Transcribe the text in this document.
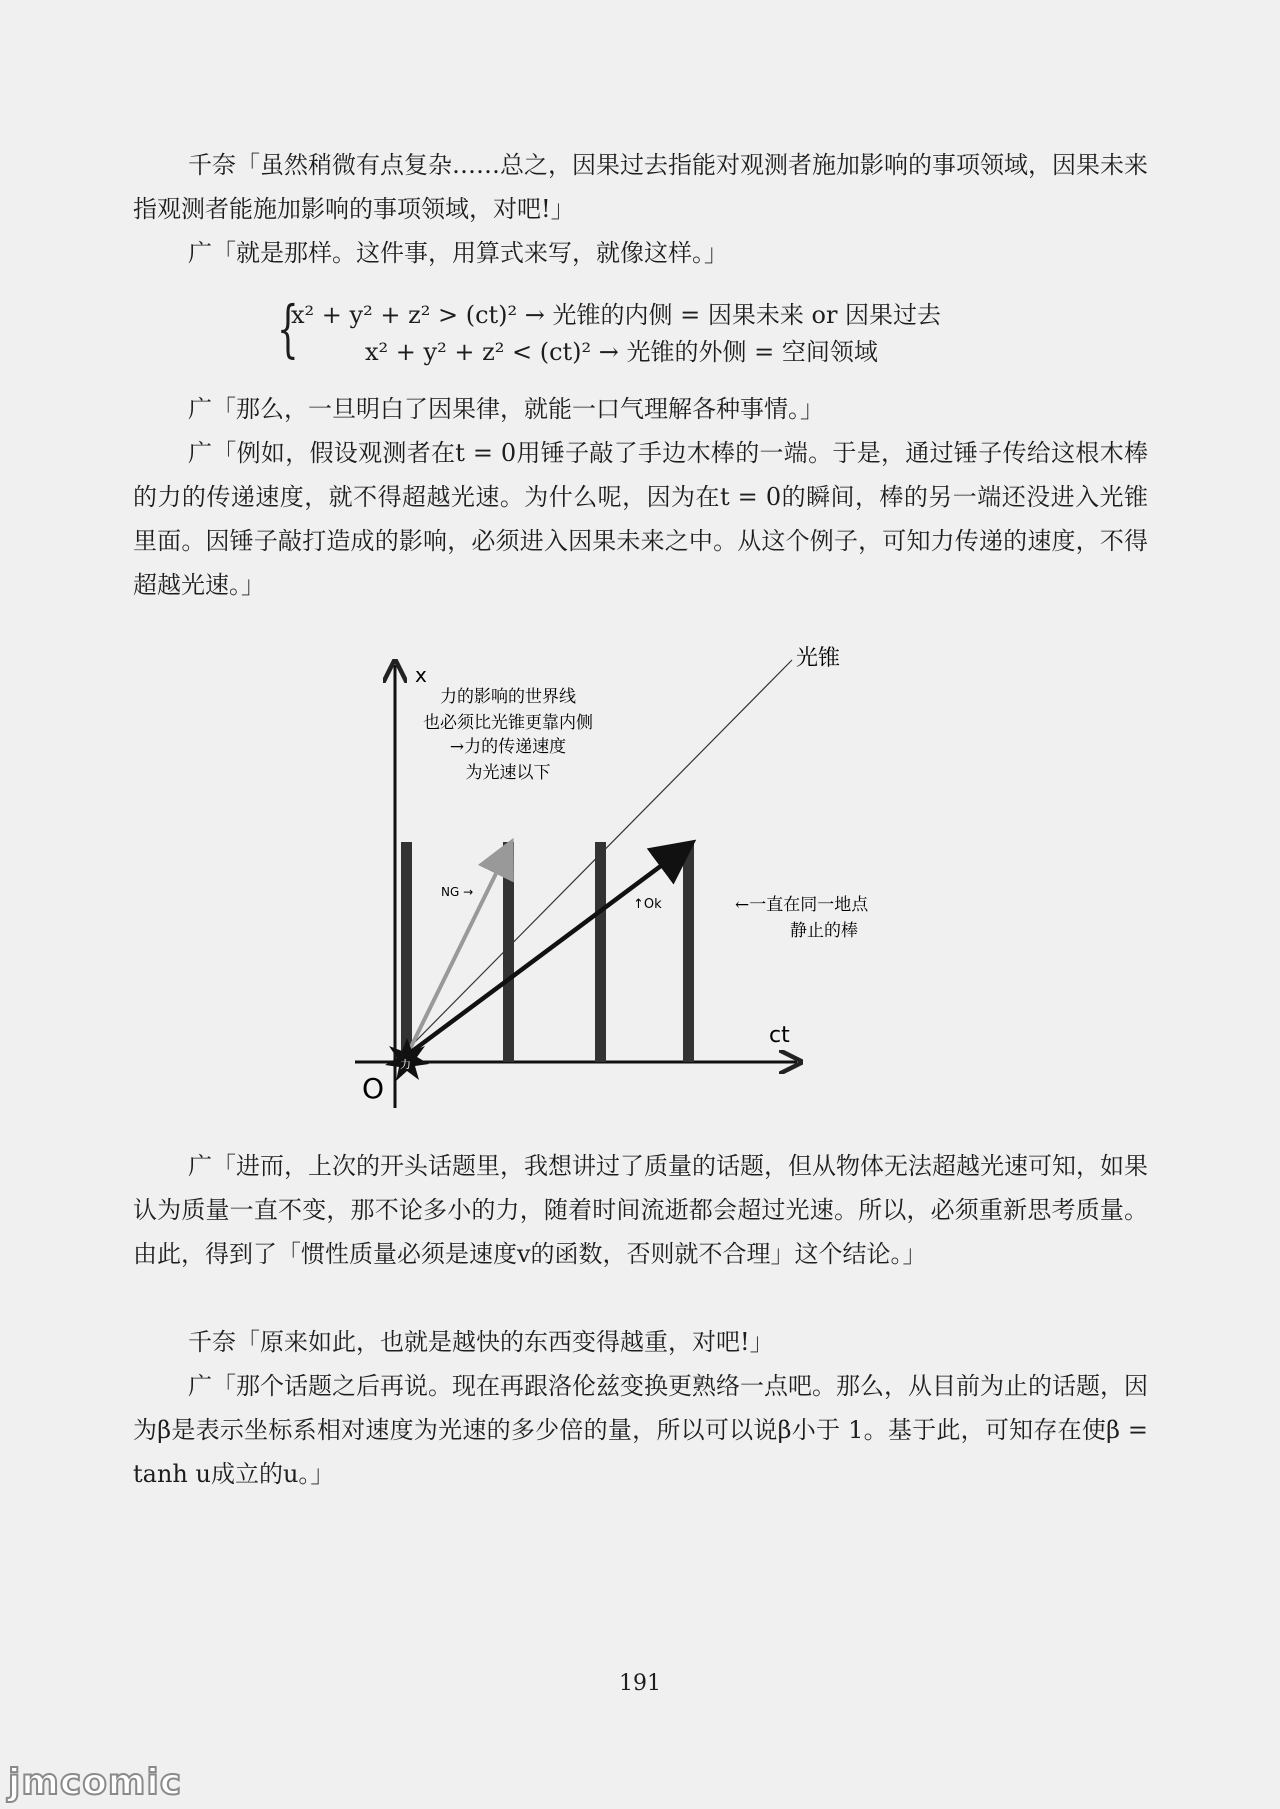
千奈「虽然稍微有点复杂……总之，因果过去指能对观测者施加影响的事项领域，因果未来指观测者能施加影响的事项领域，对吧!」

广「就是那样。这件事，用算式来写，就像这样。」

{
x² + y² + z² > (ct)² → 光锥的内侧 = 因果未来 or 因果过去
x² + y² + z² < (ct)² → 光锥的外侧 = 空间领域

广「那么，一旦明白了因果律，就能一口气理解各种事情。」

广「例如，假设观测者在t = 0用锤子敲了手边木棒的一端。于是，通过锤子传给这根木棒的力的传递速度，就不得超越光速。为什么呢，因为在t = 0的瞬间，棒的另一端还没进入光锥里面。因锤子敲打造成的影响，必须进入因果未来之中。从这个例子，可知力传递的速度，不得超越光速。」

x
ct
O
光锥
力
力的影响的世界线
也必须比光锥更靠内侧
→力的传递速度
为光速以下
NG →
↑Ok	←一直在同一地点
静止的棒

广「进而，上次的开头话题里，我想讲过了质量的话题，但从物体无法超越光速可知，如果认为质量一直不变，那不论多小的力，随着时间流逝都会超过光速。所以，必须重新思考质量。由此，得到了「惯性质量必须是速度v的函数，否则就不合理」这个结论。」

千奈「原来如此，也就是越快的东西变得越重，对吧!」

广「那个话题之后再说。现在再跟洛伦兹变换更熟络一点吧。那么，从目前为止的话题，因为β是表示坐标系相对速度为光速的多少倍的量，所以可以说β小于 1。基于此，可知存在使β = tanh u成立的u。」

191
jmcomic
